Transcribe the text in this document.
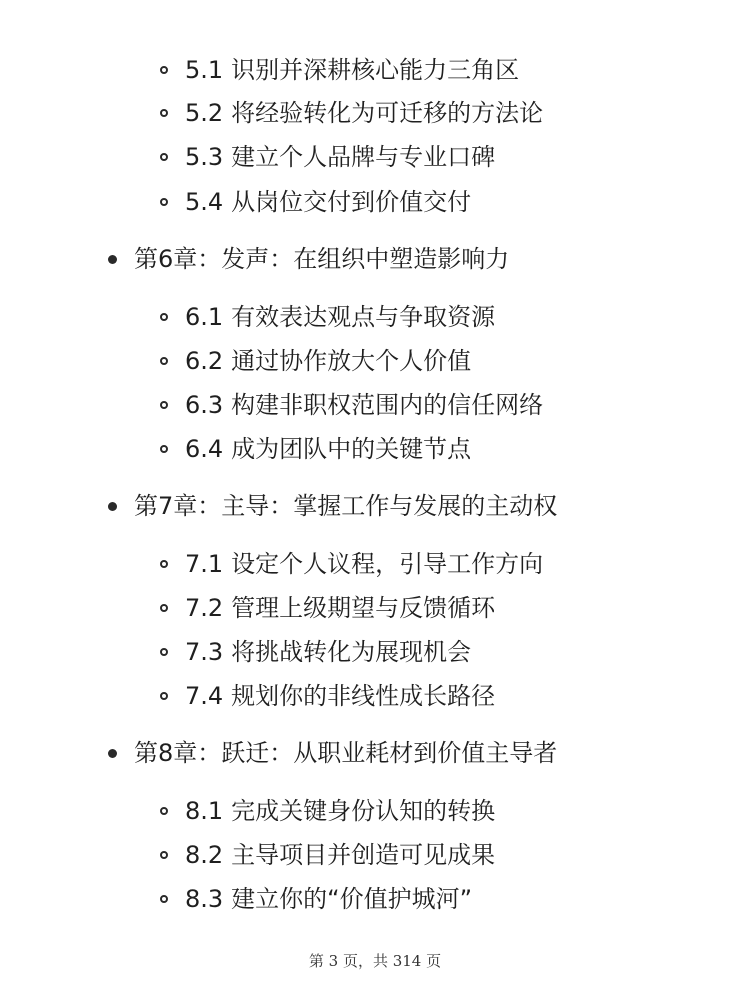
5.1 识别并深耕核心能力三角区
5.2 将经验转化为可迁移的方法论
5.3 建立个人品牌与专业口碑
5.4 从岗位交付到价值交付
第6章：发声：在组织中塑造影响力
6.1 有效表达观点与争取资源
6.2 通过协作放大个人价值
6.3 构建非职权范围内的信任网络
6.4 成为团队中的关键节点
第7章：主导：掌握工作与发展的主动权
7.1 设定个人议程，引导工作方向
7.2 管理上级期望与反馈循环
7.3 将挑战转化为展现机会
7.4 规划你的非线性成长路径
第8章：跃迁：从职业耗材到价值主导者
8.1 完成关键身份认知的转换
8.2 主导项目并创造可见成果
8.3 建立你的“价值护城河”
第 3 页，共 314 页
